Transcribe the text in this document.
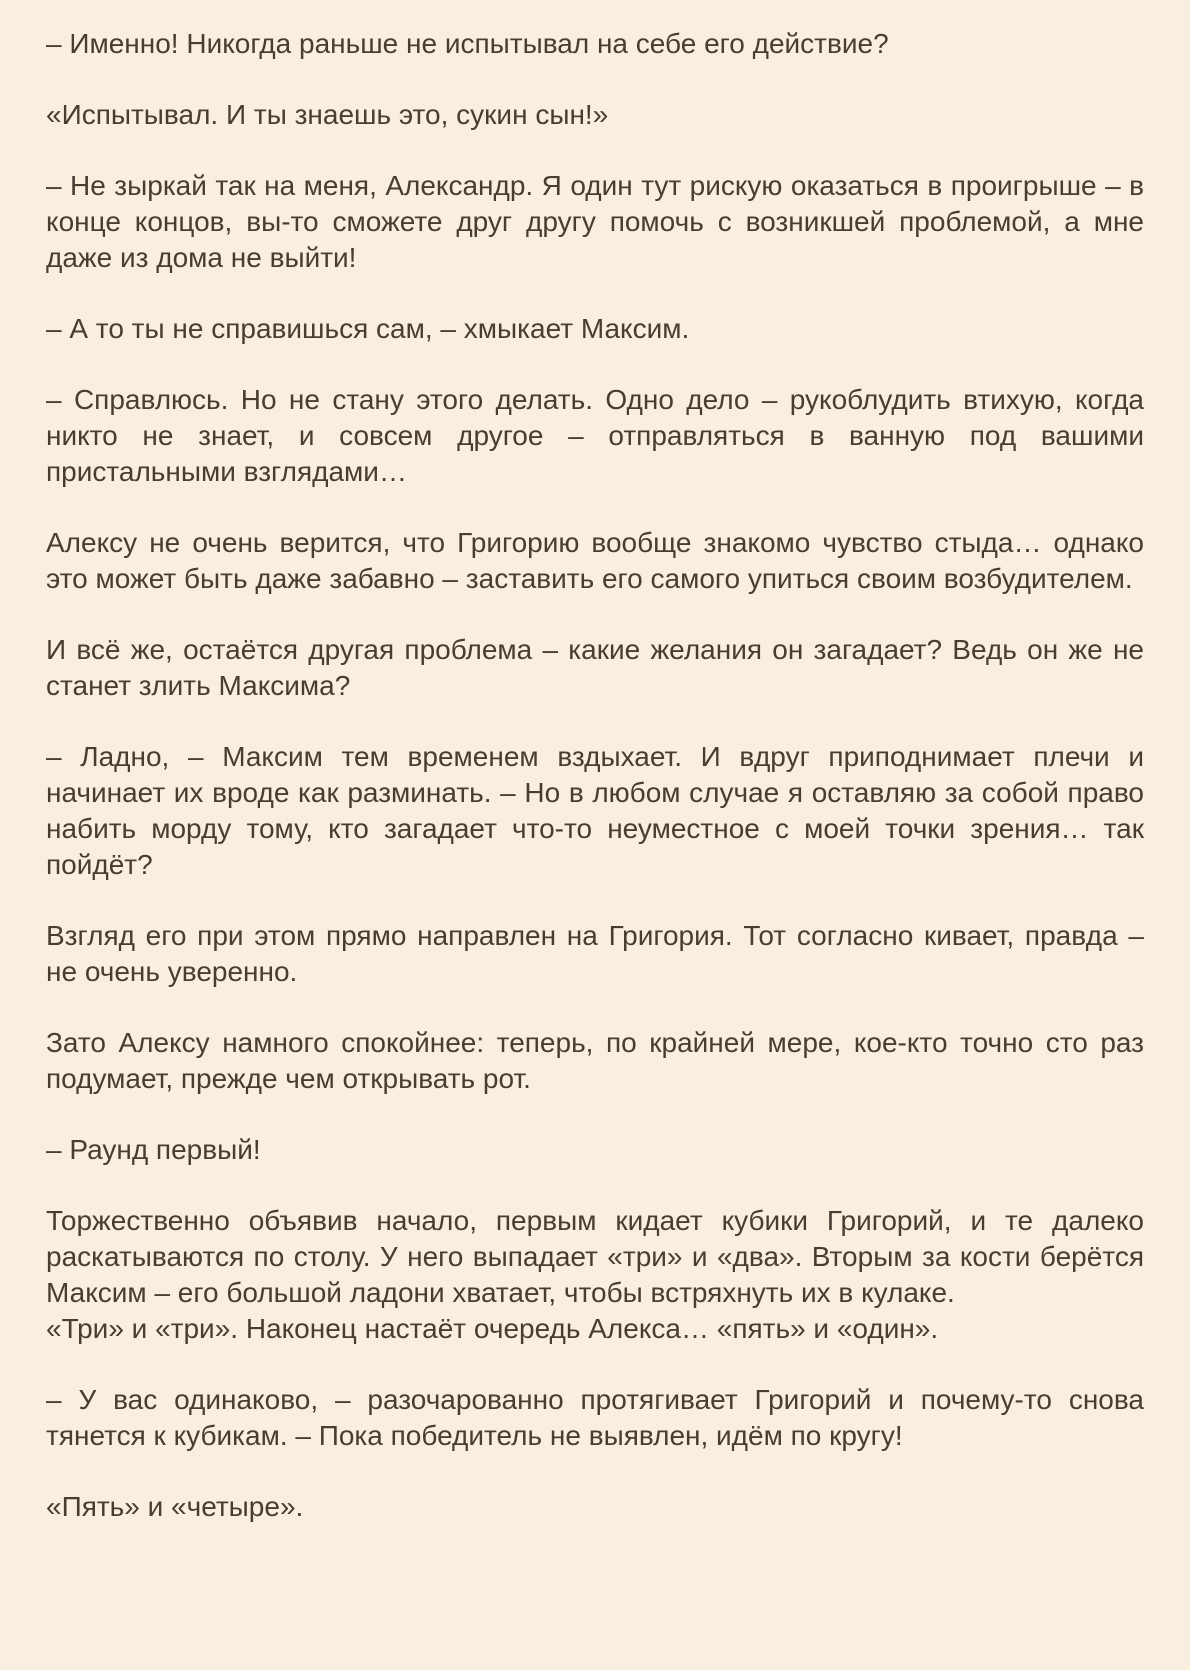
– Именно! Никогда раньше не испытывал на себе его действие?

«Испытывал. И ты знаешь это, сукин сын!»

– Не зыркай так на меня, Александр. Я один тут рискую оказаться в проигрыше – в конце концов, вы-то сможете друг другу помочь с возникшей проблемой, а мне даже из дома не выйти!

– А то ты не справишься сам, – хмыкает Максим.

– Справлюсь. Но не стану этого делать. Одно дело – рукоблудить втихую, когда никто не знает, и совсем другое – отправляться в ванную под вашими пристальными взглядами…

Алексу не очень верится, что Григорию вообще знакомо чувство стыда… однако это может быть даже забавно – заставить его самого упиться своим возбудителем.

И всё же, остаётся другая проблема – какие желания он загадает? Ведь он же не станет злить Максима?

– Ладно, – Максим тем временем вздыхает. И вдруг приподнимает плечи и начинает их вроде как разминать. – Но в любом случае я оставляю за собой право набить морду тому, кто загадает что-то неуместное с моей точки зрения… так пойдёт?

Взгляд его при этом прямо направлен на Григория. Тот согласно кивает, правда – не очень уверенно.

Зато Алексу намного спокойнее: теперь, по крайней мере, кое-кто точно сто раз подумает, прежде чем открывать рот.

– Раунд первый!

Торжественно объявив начало, первым кидает кубики Григорий, и те далеко раскатываются по столу. У него выпадает «три» и «два». Вторым за кости берётся Максим – его большой ладони хватает, чтобы встряхнуть их в кулаке.
«Три» и «три». Наконец настаёт очередь Алекса… «пять» и «один».

– У вас одинаково, – разочарованно протягивает Григорий и почему-то снова тянется к кубикам. – Пока победитель не выявлен, идём по кругу!

«Пять» и «четыре».
